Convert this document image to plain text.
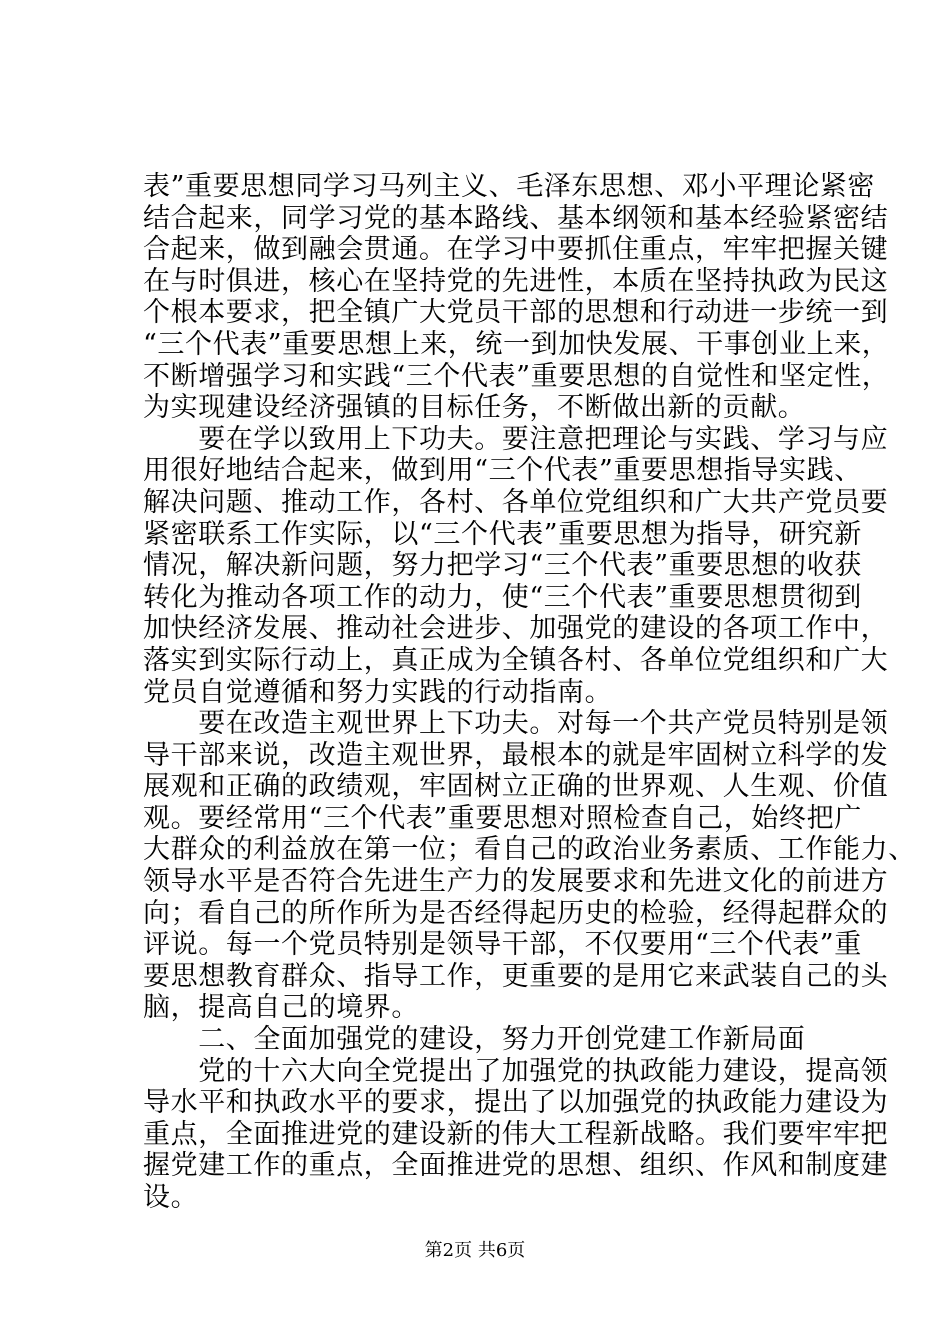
表”重要思想同学习马列主义、毛泽东思想、邓小平理论紧密
结合起来，同学习党的基本路线、基本纲领和基本经验紧密结
合起来，做到融会贯通。在学习中要抓住重点，牢牢把握关键
在与时俱进，核心在坚持党的先进性，本质在坚持执政为民这
个根本要求，把全镇广大党员干部的思想和行动进一步统一到
“三个代表”重要思想上来，统一到加快发展、干事创业上来，
不断增强学习和实践“三个代表”重要思想的自觉性和坚定性，
为实现建设经济强镇的目标任务，不断做出新的贡献。
　　要在学以致用上下功夫。要注意把理论与实践、学习与应
用很好地结合起来，做到用“三个代表”重要思想指导实践、
解决问题、推动工作，各村、各单位党组织和广大共产党员要
紧密联系工作实际，以“三个代表”重要思想为指导，研究新
情况，解决新问题，努力把学习“三个代表”重要思想的收获
转化为推动各项工作的动力，使“三个代表”重要思想贯彻到
加快经济发展、推动社会进步、加强党的建设的各项工作中，
落实到实际行动上，真正成为全镇各村、各单位党组织和广大
党员自觉遵循和努力实践的行动指南。
　　要在改造主观世界上下功夫。对每一个共产党员特别是领
导干部来说，改造主观世界，最根本的就是牢固树立科学的发
展观和正确的政绩观，牢固树立正确的世界观、人生观、价值
观。要经常用“三个代表”重要思想对照检查自己，始终把广
大群众的利益放在第一位；看自己的政治业务素质、工作能力、
领导水平是否符合先进生产力的发展要求和先进文化的前进方
向；看自己的所作所为是否经得起历史的检验，经得起群众的
评说。每一个党员特别是领导干部，不仅要用“三个代表”重
要思想教育群众、指导工作，更重要的是用它来武装自己的头
脑，提高自己的境界。
　　二、全面加强党的建设，努力开创党建工作新局面
　　党的十六大向全党提出了加强党的执政能力建设，提高领
导水平和执政水平的要求，提出了以加强党的执政能力建设为
重点，全面推进党的建设新的伟大工程新战略。我们要牢牢把
握党建工作的重点，全面推进党的思想、组织、作风和制度建
设。
第2页 共6页
